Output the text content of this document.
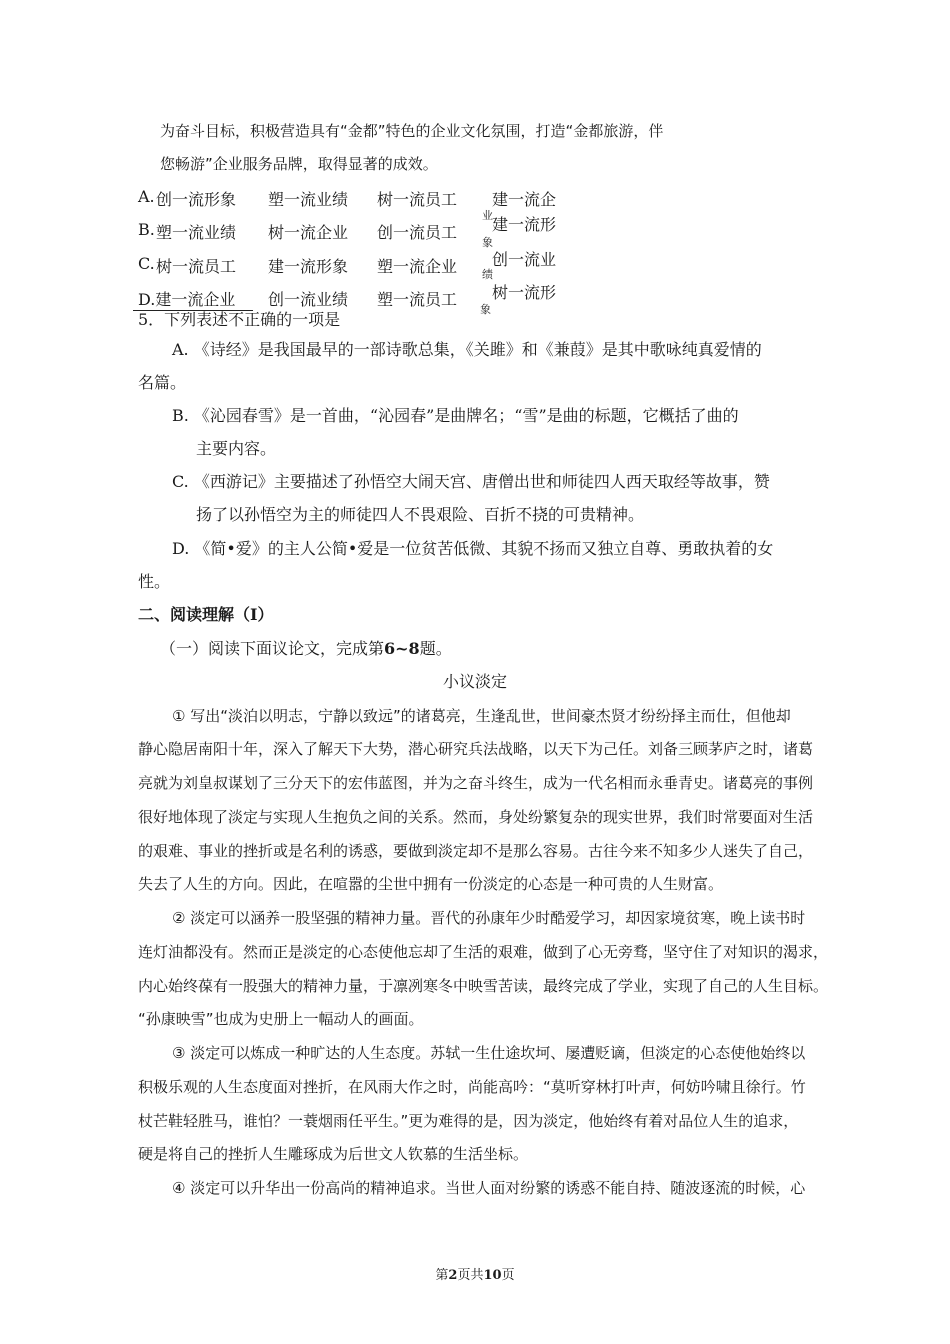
为奋斗目标，积极营造具有“金都”特色的企业文化氛围，打造“金都旅游，伴
您畅游”企业服务品牌，取得显著的成效。
A. 创一流形象 塑一流业绩 树一流员工 建一流企
业
B. 塑一流业绩 树一流企业 创一流员工 建一流形
象
C. 树一流员工 建一流形象 塑一流企业 创一流业
绩
D.建一流企业	创一流业绩 塑一流员工 树一流形
象
5．下列表述不正确的一项是
A. 《诗经》是我国最早的一部诗歌总集，《关雎》和《兼葭》是其中歌咏纯真爱情的
名篇。
B. 《沁园春雪》是一首曲，“沁园春”是曲牌名；“雪”是曲的标题，它概括了曲的
主要内容。
C. 《西游记》主要描述了孙悟空大闹天宫、唐僧出世和师徒四人西天取经等故事，赞
扬了以孙悟空为主的师徒四人不畏艰险、百折不挠的可贵精神。
D. 《简•爱》的主人公简•爱是一位贫苦低微、其貌不扬而又独立自尊、勇敢执着的女
性。
二、阅读理解（I）
（一）阅读下面议论文，完成第6~8题。
小议淡定
① 写出“淡泊以明志，宁静以致远”的诸葛亮，生逢乱世，世间豪杰贤才纷纷择主而仕，但他却
静心隐居南阳十年，深入了解天下大势，潜心研究兵法战略，以天下为己任。刘备三顾茅庐之时，诸葛
亮就为刘皇叔谋划了三分天下的宏伟蓝图，并为之奋斗终生，成为一代名相而永垂青史。诸葛亮的事例
很好地体现了淡定与实现人生抱负之间的关系。然而，身处纷繁复杂的现实世界，我们时常要面对生活
的艰难、事业的挫折或是名利的诱惑，要做到淡定却不是那么容易。古往今来不知多少人迷失了自己，
失去了人生的方向。因此，在喧嚣的尘世中拥有一份淡定的心态是一种可贵的人生财富。
② 淡定可以涵养一股坚强的精神力量。晋代的孙康年少时酷爱学习，却因家境贫寒，晚上读书时
连灯油都没有。然而正是淡定的心态使他忘却了生活的艰难，做到了心无旁骛，坚守住了对知识的渴求，
内心始终葆有一股强大的精神力量，于凛冽寒冬中映雪苦读，最终完成了学业，实现了自己的人生目标。
“孙康映雪”也成为史册上一幅动人的画面。
③ 淡定可以炼成一种旷达的人生态度。苏轼一生仕途坎坷、屡遭贬谪，但淡定的心态使他始终以
积极乐观的人生态度面对挫折，在风雨大作之时，尚能高吟：“莫听穿林打叶声，何妨吟啸且徐行。竹
杖芒鞋轻胜马，谁怕？一蓑烟雨任平生。”更为难得的是，因为淡定，他始终有着对品位人生的追求，
硬是将自己的挫折人生雕琢成为后世文人钦慕的生活坐标。
④ 淡定可以升华出一份高尚的精神追求。当世人面对纷繁的诱惑不能自持、随波逐流的时候，心
第2页共10页
